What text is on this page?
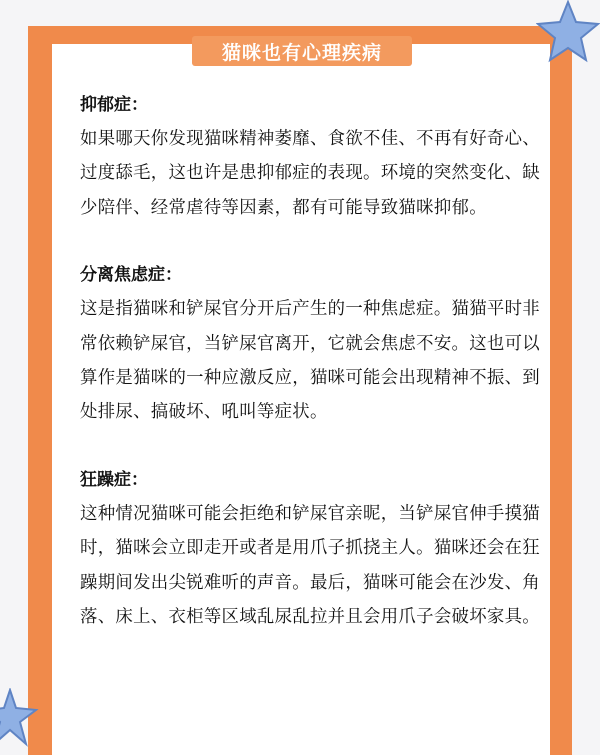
猫咪也有心理疾病
抑郁症：
如果哪天你发现猫咪精神萎靡、食欲不佳、不再有好奇心、过度舔毛，这也许是患抑郁症的表现。环境的突然变化、缺少陪伴、经常虐待等因素，都有可能导致猫咪抑郁。
分离焦虑症：
这是指猫咪和铲屎官分开后产生的一种焦虑症。猫猫平时非常依赖铲屎官，当铲屎官离开，它就会焦虑不安。这也可以算作是猫咪的一种应激反应，猫咪可能会出现精神不振、到处排尿、搞破坏、吼叫等症状。
狂躁症：
这种情况猫咪可能会拒绝和铲屎官亲昵，当铲屎官伸手摸猫时，猫咪会立即走开或者是用爪子抓挠主人。猫咪还会在狂躁期间发出尖锐难听的声音。最后，猫咪可能会在沙发、角落、床上、衣柜等区域乱尿乱拉并且会用爪子会破坏家具。
